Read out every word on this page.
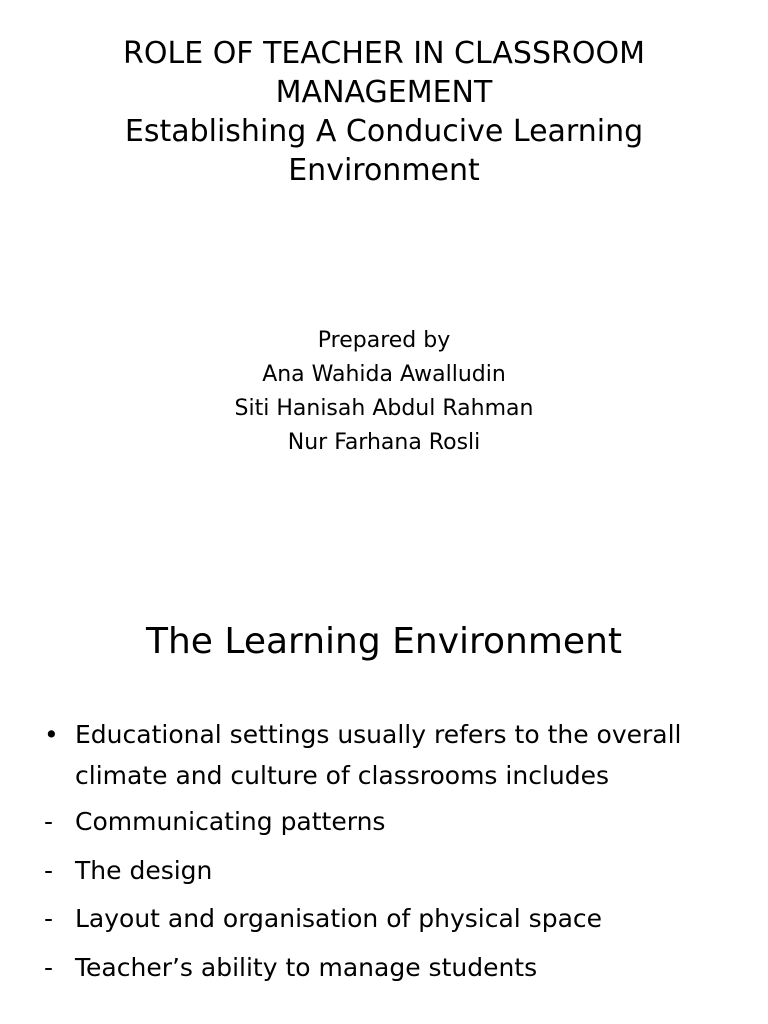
ROLE OF TEACHER IN CLASSROOM
MANAGEMENT
Establishing A Conducive Learning
Environment
Prepared by
Ana Wahida Awalludin
Siti Hanisah Abdul Rahman
Nur Farhana Rosli
The Learning Environment
• Educational settings usually refers to the overall climate and culture of classrooms includes
- Communicating patterns
- The design
- Layout and organisation of physical space
- Teacher’s ability to manage students
